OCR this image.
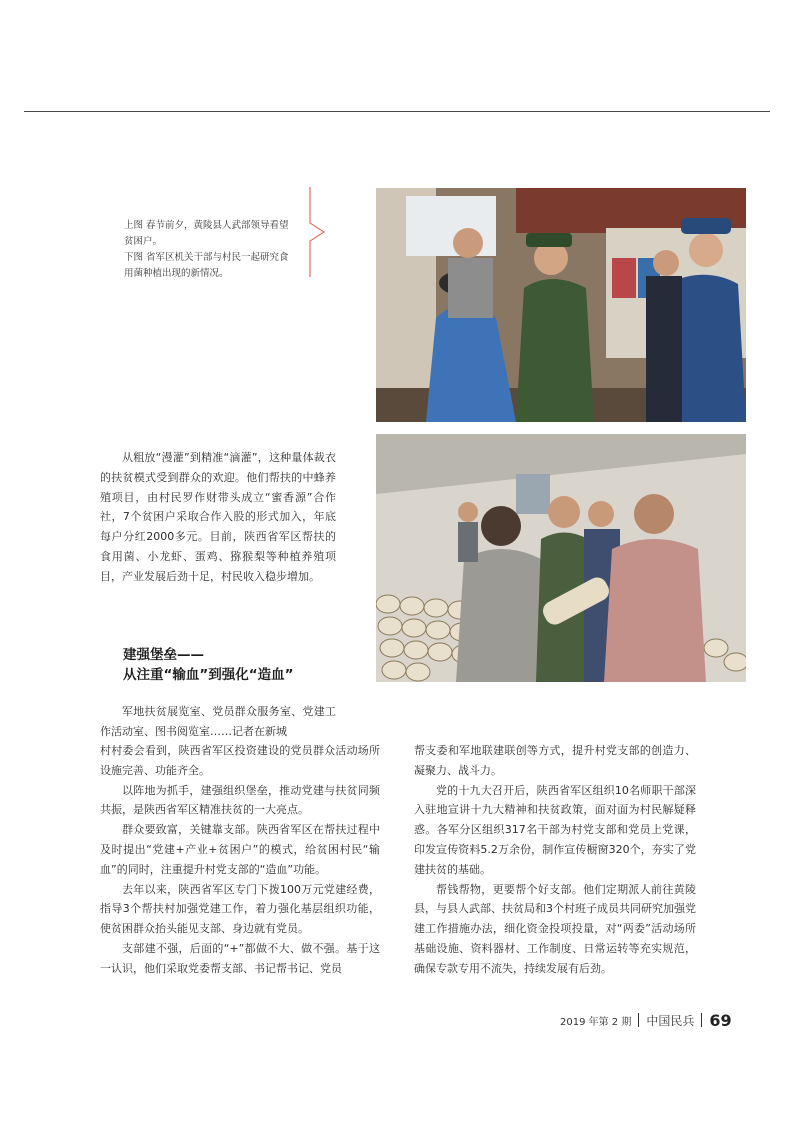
上图 春节前夕，黄陵县人武部领导看望贫困户。

下图 省军区机关干部与村民一起研究食用菌种植出现的新情况。

从粗放“漫灌”到精准“滴灌”，这种量体裁衣的扶贫模式受到群众的欢迎。他们帮扶的中蜂养殖项目，由村民罗作财带头成立“蜜香源”合作社，7个贫困户采取合作入股的形式加入，年底每户分红2000多元。目前，陕西省军区帮扶的食用菌、小龙虾、蛋鸡、猕猴梨等种植养殖项目，产业发展后劲十足，村民收入稳步增加。

建强堡垒——
从注重“输血”到强化“造血”

军地扶贫展览室、党员群众服务室、党建工作活动室、图书阅览室……记者在新城

村村委会看到，陕西省军区投资建设的党员群众活动场所设施完善、功能齐全。

以阵地为抓手，建强组织堡垒，推动党建与扶贫同频共振，是陕西省军区精准扶贫的一大亮点。

群众要致富，关键靠支部。陕西省军区在帮扶过程中及时提出“党建+产业+贫困户”的模式，给贫困村民“输血”的同时，注重提升村党支部的“造血”功能。

去年以来，陕西省军区专门下拨100万元党建经费，指导3个帮扶村加强党建工作，着力强化基层组织功能，使贫困群众抬头能见支部、身边就有党员。

支部建不强，后面的“+”都做不大、做不强。基于这一认识，他们采取党委帮支部、书记帮书记、党员

帮支委和军地联建联创等方式，提升村党支部的创造力、凝聚力、战斗力。

党的十九大召开后，陕西省军区组织10名师职干部深入驻地宣讲十九大精神和扶贫政策，面对面为村民解疑释惑。各军分区组织317名干部为村党支部和党员上党课，印发宣传资料5.2万余份，制作宣传橱窗320个，夯实了党建扶贫的基础。

帮钱帮物，更要帮个好支部。他们定期派人前往黄陵县，与县人武部、扶贫局和3个村班子成员共同研究加强党建工作措施办法，细化资金投项投量，对“两委”活动场所基础设施、资料器材、工作制度、日常运转等充实规范，确保专款专用不流失，持续发展有后劲。

2019 年第 2 期 中国民兵 69
